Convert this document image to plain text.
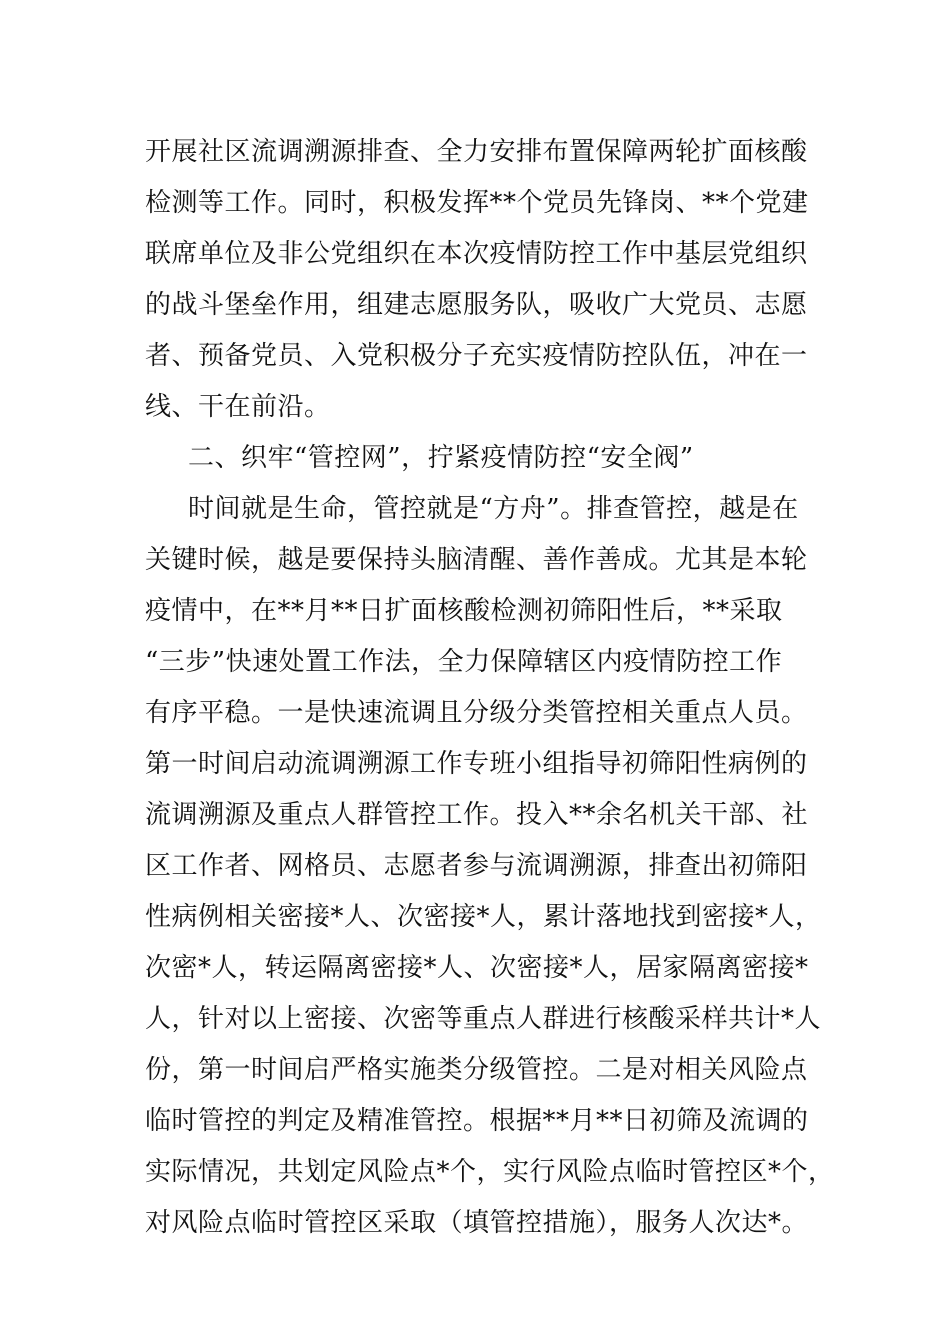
开展社区流调溯源排查、全力安排布置保障两轮扩面核酸
检测等工作。同时，积极发挥**个党员先锋岗、**个党建
联席单位及非公党组织在本次疫情防控工作中基层党组织
的战斗堡垒作用，组建志愿服务队，吸收广大党员、志愿
者、预备党员、入党积极分子充实疫情防控队伍，冲在一
线、干在前沿。
二、织牢“管控网”，拧紧疫情防控“安全阀”
时间就是生命，管控就是“方舟”。排查管控，越是在
关键时候，越是要保持头脑清醒、善作善成。尤其是本轮
疫情中，在**月**日扩面核酸检测初筛阳性后，**采取
“三步”快速处置工作法，全力保障辖区内疫情防控工作
有序平稳。一是快速流调且分级分类管控相关重点人员。
第一时间启动流调溯源工作专班小组指导初筛阳性病例的
流调溯源及重点人群管控工作。投入**余名机关干部、社
区工作者、网格员、志愿者参与流调溯源，排查出初筛阳
性病例相关密接*人、次密接*人，累计落地找到密接*人，
次密*人，转运隔离密接*人、次密接*人，居家隔离密接*
人，针对以上密接、次密等重点人群进行核酸采样共计*人
份，第一时间启严格实施类分级管控。二是对相关风险点
临时管控的判定及精准管控。根据**月**日初筛及流调的
实际情况，共划定风险点*个，实行风险点临时管控区*个，
对风险点临时管控区采取（填管控措施），服务人次达*。
